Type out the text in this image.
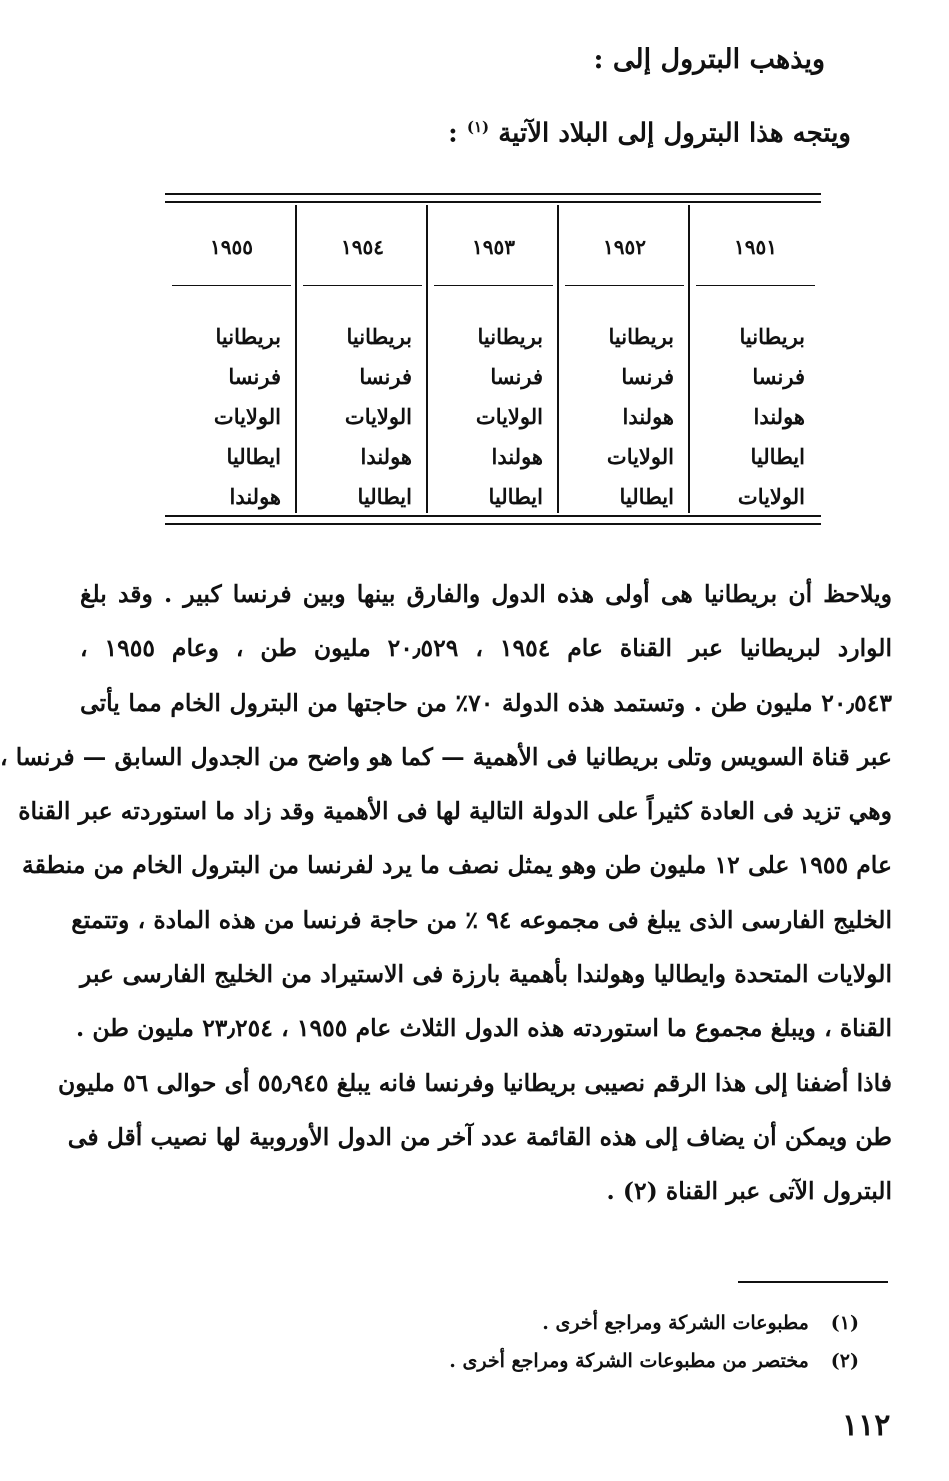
ويذهب البترول إلى :
ويتجه هذا البترول إلى البلاد الآتية $^{(١)}$ :
١٩٥١
بريطانيا
فرنسا
هولندا
ايطاليا
الولايات
١٩٥٢
بريطانيا
فرنسا
هولندا
الولايات
ايطاليا
١٩٥٣
بريطانيا
فرنسا
الولايات
هولندا
ايطاليا
١٩٥٤
بريطانيا
فرنسا
الولايات
هولندا
ايطاليا
١٩٥٥
بريطانيا
فرنسا
الولايات
ايطاليا
هولندا
ويلاحظ أن بريطانيا هى أولى هذه الدول والفارق بينها وبين فرنسا كبير . وقد بلغ
الوارد لبريطانيا عبر القناة عام ١٩٥٤ ، ٢٠٫٥٢٩ مليون طن ، وعام ١٩٥٥ ،
٢٠٫٥٤٣ مليون طن . وتستمد هذه الدولة ٧٠٪ من حاجتها من البترول الخام مما يأتى
عبر قناة السويس وتلى بريطانيا فى الأهمية — كما هو واضح من الجدول السابق — فرنسا ،
وهي تزيد فى العادة كثيراً على الدولة التالية لها فى الأهمية وقد زاد ما استوردته عبر القناة
عام ١٩٥٥ على ١٢ مليون طن وهو يمثل نصف ما يرد لفرنسا من البترول الخام من منطقة
الخليج الفارسى الذى يبلغ فى مجموعه ٩٤ ٪ من حاجة فرنسا من هذه المادة ، وتتمتع
الولايات المتحدة وايطاليا وهولندا بأهمية بارزة فى الاستيراد من الخليج الفارسى عبر
القناة ، ويبلغ مجموع ما استوردته هذه الدول الثلاث عام ١٩٥٥ ، ٢٣٫٢٥٤ مليون طن .
فاذا أضفنا إلى هذا الرقم نصيبى بريطانيا وفرنسا فانه يبلغ ٥٥٫٩٤٥ أى حوالى ٥٦ مليون
طن ويمكن أن يضاف إلى هذه القائمة عدد آخر من الدول الأوروبية لها نصيب أقل فى
البترول الآتى عبر القناة (٢) .
(١)مطبوعات الشركة ومراجع أخرى .
(٢)مختصر من مطبوعات الشركة ومراجع أخرى .
١١٢
